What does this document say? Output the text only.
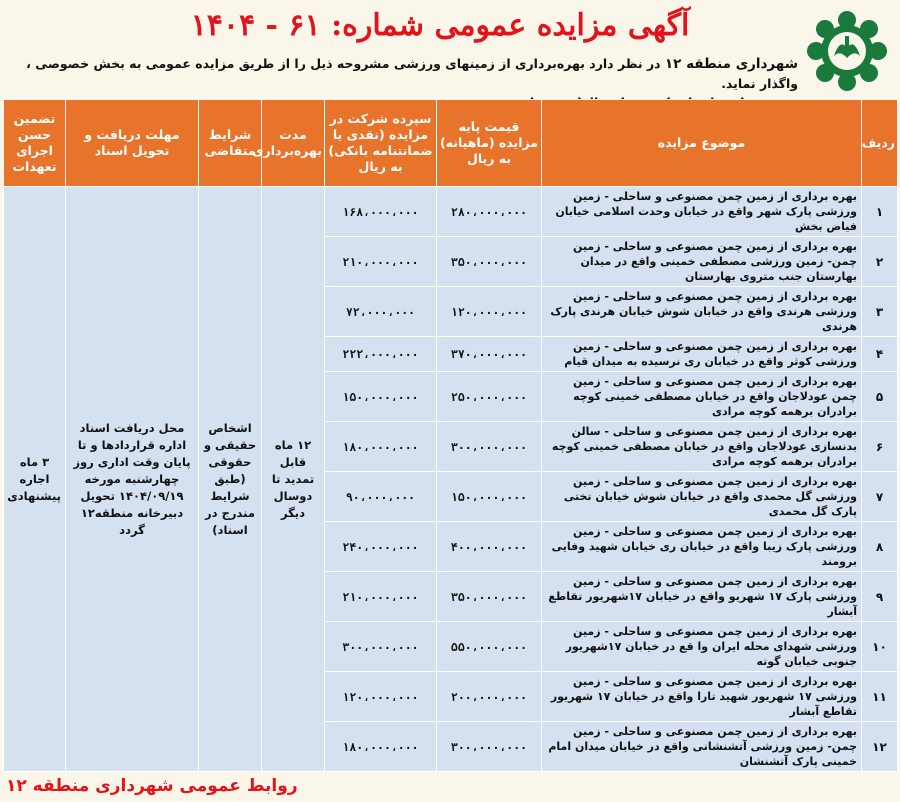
آگهی مزایده عمومی شماره: ۶۱ - ۱۴۰۴
شهرداری منطقه ۱۲ در نظر دارد بهره‌برداری از زمینهای ورزشی مشروحه ذیل را از طریق مزایده عمومی به بخش خصوصی ، واگذار نماید.

ردیف	موضوع مزایده	قیمت پایه مزایده (ماهیانه) به ریال	سپرده شرکت در مزایده (نقدی یا ضمانتنامه بانکی) به ریال	مدت بهره‌برداری	شرایط متقاضی	مهلت دریافت و تحویل اسناد	تضمین حسن اجرای تعهدات
۱	بهره برداری از زمین چمن مصنوعی و ساحلی - زمین ورزشی پارک شهر واقع در خیابان وحدت اسلامی خیابان فیاض بخش	۲۸۰،۰۰۰،۰۰۰	۱۶۸،۰۰۰،۰۰۰	۱۲ ماه قابل تمدید تا دوسال دیگر	اشخاص حقیقی و حقوقی (طبق شرایط مندرج در اسناد)	محل دریافت اسناد اداره قراردادها و تا پایان وقت اداری روز چهارشنبه مورخه ۱۴۰۴/۰۹/۱۹ تحویل دبیرخانه منطقه۱۲ گردد	۳ ماه اجاره پیشنهادی
۲	بهره برداری از زمین چمن مصنوعی و ساحلی - زمین چمن- زمین ورزشی مصطفی خمینی واقع در میدان بهارستان جنب متروی بهارستان	۳۵۰،۰۰۰،۰۰۰	۲۱۰،۰۰۰،۰۰۰				
۳	بهره برداری از زمین چمن مصنوعی و ساحلی - زمین ورزشی هرندی واقع در خیابان شوش خیابان هرندی پارک هرندی	۱۲۰،۰۰۰،۰۰۰	۷۲،۰۰۰،۰۰۰				
۴	بهره برداری از زمین چمن مصنوعی و ساحلی - زمین ورزشی کوثر واقع در خیابان ری نرسیده به میدان قیام	۳۷۰،۰۰۰،۰۰۰	۲۲۲،۰۰۰،۰۰۰				
۵	بهره برداری از زمین چمن مصنوعی و ساحلی - زمین چمن عودلاجان واقع در خیابان مصطفی خمینی کوچه برادران برهمه کوچه مرادی	۲۵۰،۰۰۰،۰۰۰	۱۵۰،۰۰۰،۰۰۰				
۶	بهره برداری از زمین چمن مصنوعی و ساحلی - سالن بدنسازی عودلاجان واقع در خیابان مصطفی خمینی کوچه برادران برهمه کوچه مرادی	۳۰۰،۰۰۰،۰۰۰	۱۸۰،۰۰۰،۰۰۰				
۷	بهره برداری از زمین چمن مصنوعی و ساحلی - زمین ورزشی گل محمدی واقع در خیابان شوش خیابان تختی پارک گل محمدی	۱۵۰،۰۰۰،۰۰۰	۹۰،۰۰۰،۰۰۰				
۸	بهره برداری از زمین چمن مصنوعی و ساحلی - زمین ورزشی پارک زیبا واقع در خیابان ری خیابان شهید وفایی برومند	۴۰۰،۰۰۰،۰۰۰	۲۴۰،۰۰۰،۰۰۰				
۹	بهره برداری از زمین چمن مصنوعی و ساحلی - زمین ورزشی پارک ۱۷ شهریو واقع در خیابان ۱۷شهریور تقاطع آبشار	۳۵۰،۰۰۰،۰۰۰	۲۱۰،۰۰۰،۰۰۰				
۱۰	بهره برداری از زمین چمن مصنوعی و ساحلی - زمین ورزشی شهدای محله ایران وا قع در خیابان ۱۷شهریور جنوبی خیابان گوته	۵۵۰،۰۰۰،۰۰۰	۳۰۰،۰۰۰،۰۰۰				
۱۱	بهره برداری از زمین چمن مصنوعی و ساحلی - زمین ورزشی ۱۷ شهریور شهید تارا واقع در خیابان ۱۷ شهریور تقاطع آبشار	۲۰۰،۰۰۰،۰۰۰	۱۲۰،۰۰۰،۰۰۰				
۱۲	بهره برداری از زمین چمن مصنوعی و ساحلی - زمین چمن- زمین ورزشی آتشنشانی واقع در خیابان میدان امام خمینی پارک آتشنشان	۳۰۰،۰۰۰،۰۰۰	۱۸۰،۰۰۰،۰۰۰				
روابط عمومی شهرداری منطقه ۱۲
